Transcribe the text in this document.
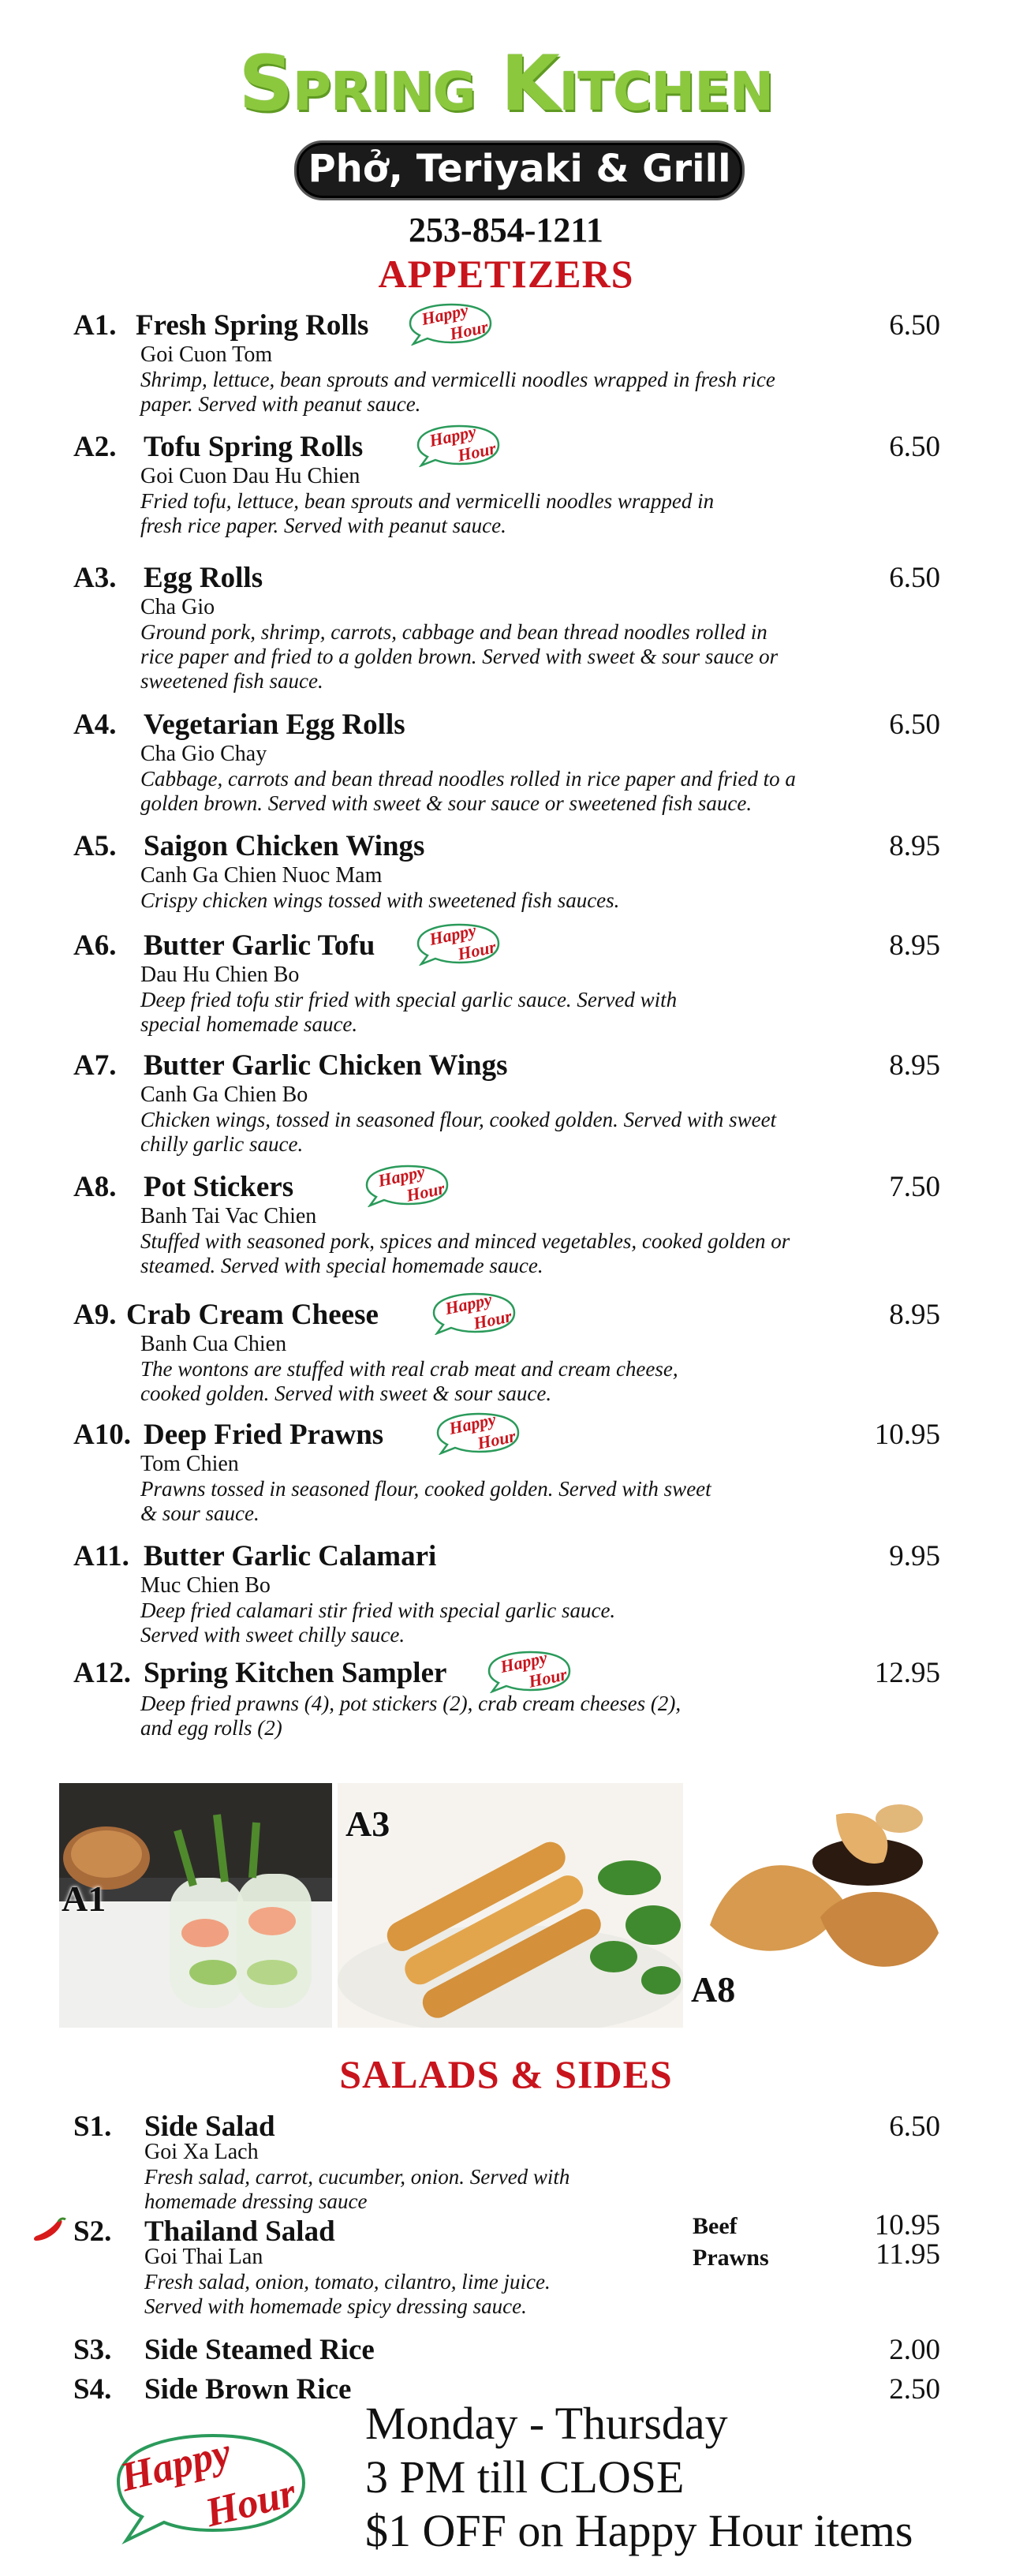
Spring Kitchen
Phở, Teriyaki & Grill
253-854-1211
APPETIZERS
A1. Fresh Spring Rolls	6.50
Goi Cuon Tom
Shrimp, lettuce, bean sprouts and vermicelli noodles wrapped in fresh rice
paper. Served with peanut sauce.
Happy
Hour
A2. Tofu Spring Rolls	6.50
Goi Cuon Dau Hu Chien
Fried tofu, lettuce, bean sprouts and vermicelli noodles wrapped in
fresh rice paper. Served with peanut sauce.
Happy
Hour
A3. Egg Rolls	6.50
Cha Gio
Ground pork, shrimp, carrots, cabbage and bean thread noodles rolled in
rice paper and fried to a golden brown. Served with sweet & sour sauce or
sweetened fish sauce.
A4. Vegetarian Egg Rolls	6.50
Cha Gio Chay
Cabbage, carrots and bean thread noodles rolled in rice paper and fried to a
golden brown. Served with sweet & sour sauce or sweetened fish sauce.
A5. Saigon Chicken Wings	8.95
Canh Ga Chien Nuoc Mam
Crispy chicken wings tossed with sweetened fish sauces.
A6. Butter Garlic Tofu	8.95
Dau Hu Chien Bo
Deep fried tofu stir fried with special garlic sauce. Served with
special homemade sauce.
Happy
Hour
A7. Butter Garlic Chicken Wings	8.95
Canh Ga Chien Bo
Chicken wings, tossed in seasoned flour, cooked golden. Served with sweet
chilly garlic sauce.
A8. Pot Stickers	7.50
Banh Tai Vac Chien
Stuffed with seasoned pork, spices and minced vegetables, cooked golden or
steamed. Served with special homemade sauce.
Happy
Hour
A9. Crab Cream Cheese	8.95
Banh Cua Chien
The wontons are stuffed with real crab meat and cream cheese,
cooked golden. Served with sweet & sour sauce.
Happy
Hour
A10. Deep Fried Prawns	10.95
Tom Chien
Prawns tossed in seasoned flour, cooked golden. Served with sweet
& sour sauce.
Happy
Hour
A11. Butter Garlic Calamari	9.95
Muc Chien Bo
Deep fried calamari stir fried with special garlic sauce.
Served with sweet chilly sauce.
A12. Spring Kitchen Sampler	12.95
Deep fried prawns (4), pot stickers (2), crab cream cheeses (2),
and egg rolls (2)
Happy
Hour
A1
A3
A8
SALADS & SIDES
S1. Side Salad	6.50
Goi Xa Lach
Fresh salad, carrot, cucumber, onion. Served with
homemade dressing sauce
S2. Thailand Salad
Goi Thai Lan
Fresh salad, onion, tomato, cilantro, lime juice.
Served with homemade spicy dressing sauce.
Beef	10.95
Prawns	11.95
S3. Side Steamed Rice	2.00
S4. Side Brown Rice	2.50
Happy
Hour
Monday - Thursday
3 PM till CLOSE
$1 OFF on Happy Hour items
